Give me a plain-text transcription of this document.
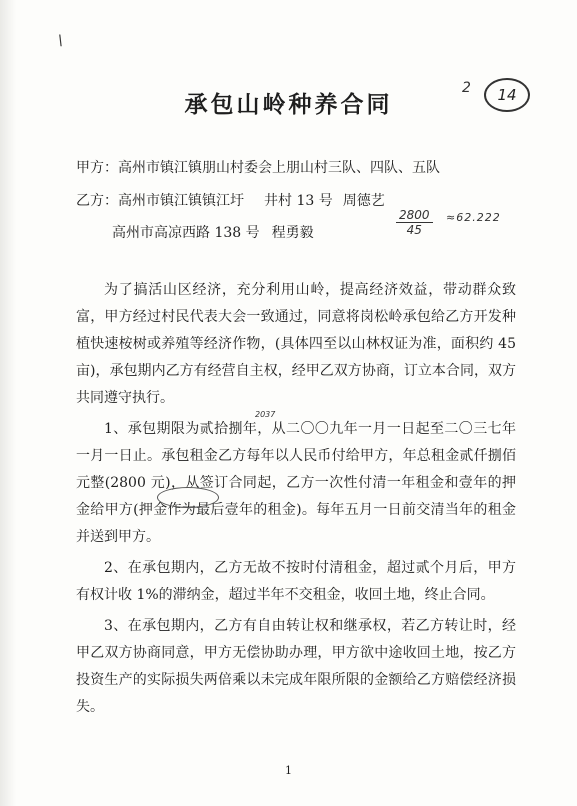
\
2	14
承包山岭种养合同
甲方：高州市镇江镇朋山村委会上朋山村三队、四队、五队
乙方：高州市镇江镇镇江圩 井村 13 号 周德艺
高州市高凉西路 138 号 程勇毅	$\frac{2800}{45} \approx 62.222$

为了搞活山区经济，充分利用山岭，提高经济效益，带动群众致富，甲方经过村民代表大会一致通过，同意将岗松岭承包给乙方开发种植快速桉树或养殖等经济作物，(具体四至以山林权证为准，面积约 45 亩)，承包期内乙方有经营自主权，经甲乙双方协商，订立本合同，双方共同遵守执行。

1、承包期限为贰拾捌年，从二〇〇九年一月一日起至二〇三七年一月一日止。承包租金乙方每年以人民币付给甲方，年总租金贰仟捌佰元整(2800 元)，从签订合同起，乙方一次性付清一年租金和壹年的押金给甲方(押金作为最后壹年的租金)。每年五月一日前交清当年的租金并送到甲方。

2、在承包期内，乙方无故不按时付清租金，超过贰个月后，甲方有权计收 1%的滞纳金，超过半年不交租金，收回土地，终止合同。

3、在承包期内，乙方有自由转让权和继承权，若乙方转让时，经甲乙双方协商同意，甲方无偿协助办理，甲方欲中途收回土地，按乙方投资生产的实际损失两倍乘以未完成年限所限的金额给乙方赔偿经济损失。

2037
1
